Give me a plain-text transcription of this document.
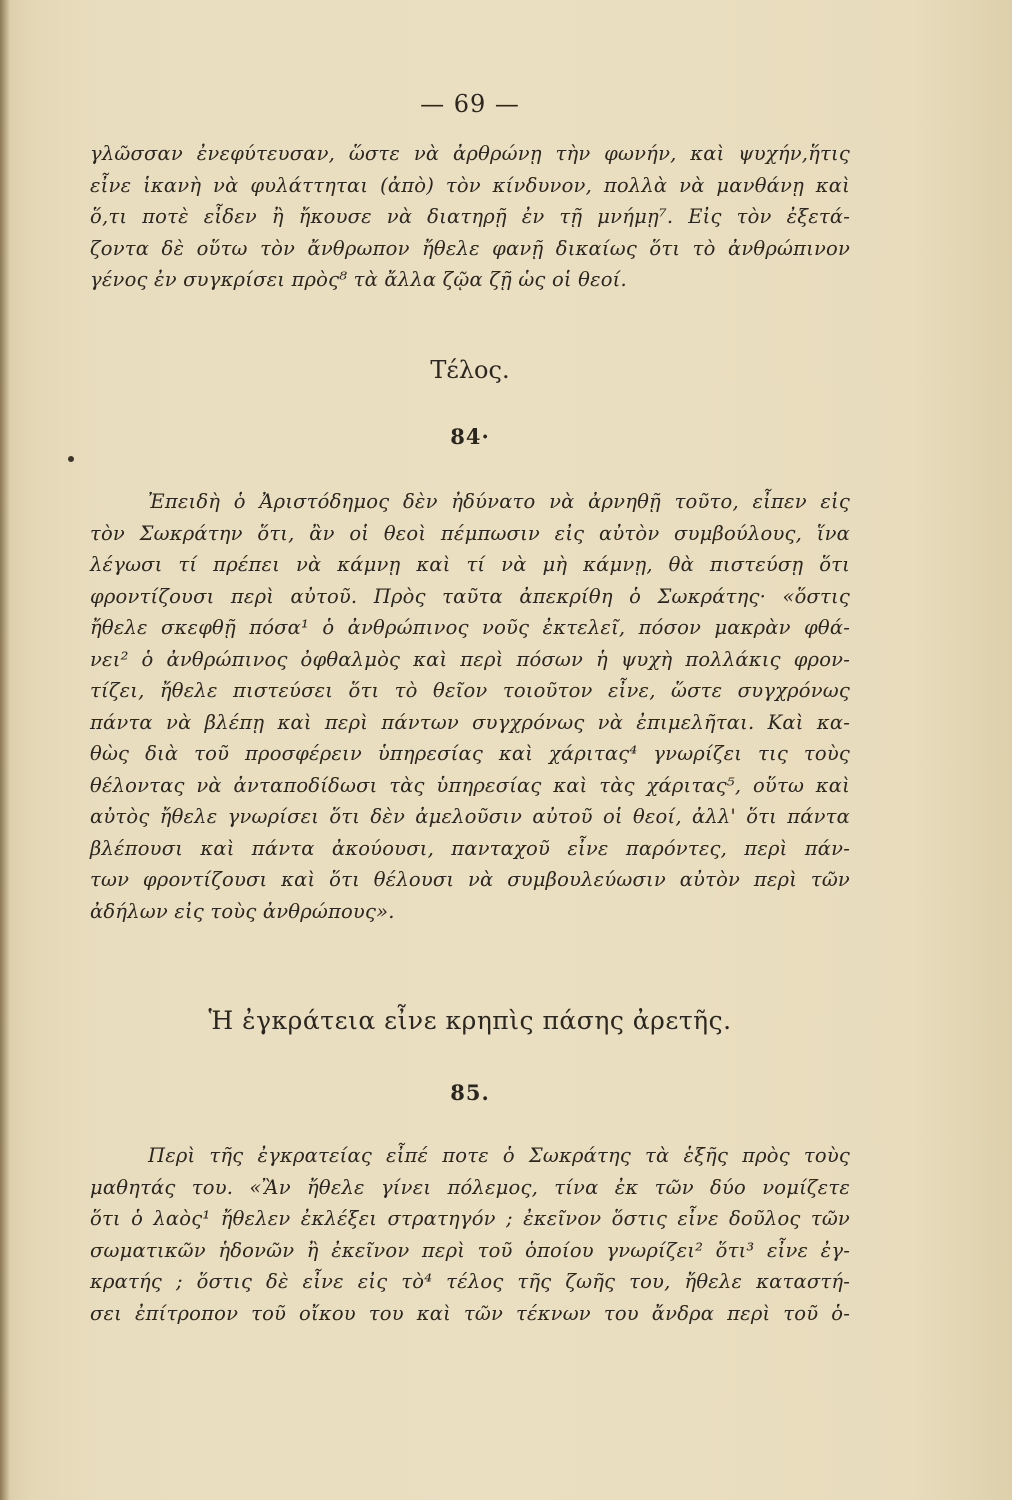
— 69 —
γλῶσσαν ἐνεφύτευσαν, ὥστε νὰ ἀρθρώνῃ τὴν φωνήν, καὶ ψυχήν,ἥτις
εἶνε ἱκανὴ νὰ φυλάττηται (ἀπὸ) τὸν κίνδυνον, πολλὰ νὰ μανθάνῃ καὶ
ὅ,τι ποτὲ εἶδεν ἢ ἤκουσε νὰ διατηρῇ ἐν τῇ μνήμῃ⁷. Εἰς τὸν ἐξετά-
ζοντα δὲ οὕτω τὸν ἄνθρωπον ἤθελε φανῇ δικαίως ὅτι τὸ ἀνθρώπινον
γένος ἐν συγκρίσει πρὸς⁸ τὰ ἄλλα ζῷα ζῇ ὡς οἱ θεοί.
Τέλος.
84·
Ἐπειδὴ ὁ Ἀριστόδημος δὲν ἠδύνατο νὰ ἀρνηθῇ τοῦτο, εἶπεν εἰς
τὸν Σωκράτην ὅτι, ἂν οἱ θεοὶ πέμπωσιν εἰς αὐτὸν συμβούλους, ἵνα
λέγωσι τί πρέπει νὰ κάμνῃ καὶ τί νὰ μὴ κάμνῃ, θὰ πιστεύσῃ ὅτι
φροντίζουσι περὶ αὐτοῦ. Πρὸς ταῦτα ἀπεκρίθη ὁ Σωκράτης· «ὅστις
ἤθελε σκεφθῇ πόσα¹ ὁ ἀνθρώπινος νοῦς ἐκτελεῖ, πόσον μακρὰν φθά-
νει² ὁ ἀνθρώπινος ὀφθαλμὸς καὶ περὶ πόσων ἡ ψυχὴ πολλάκις φρον-
τίζει, ἤθελε πιστεύσει ὅτι τὸ θεῖον τοιοῦτον εἶνε, ὥστε συγχρόνως
πάντα νὰ βλέπῃ καὶ περὶ πάντων συγχρόνως νὰ ἐπιμελῆται. Καὶ κα-
θὼς διὰ τοῦ προσφέρειν ὑπηρεσίας καὶ χάριτας⁴ γνωρίζει τις τοὺς
θέλοντας νὰ ἀνταποδίδωσι τὰς ὑπηρεσίας καὶ τὰς χάριτας⁵, οὕτω καὶ
αὐτὸς ἤθελε γνωρίσει ὅτι δὲν ἀμελοῦσιν αὐτοῦ οἱ θεοί, ἀλλ' ὅτι πάντα
βλέπουσι καὶ πάντα ἀκούουσι, πανταχοῦ εἶνε παρόντες, περὶ πάν-
των φροντίζουσι καὶ ὅτι θέλουσι νὰ συμβουλεύωσιν αὐτὸν περὶ τῶν
ἀδήλων εἰς τοὺς ἀνθρώπους».
Ἡ ἐγκράτεια εἶνε κρηπὶς πάσης ἀρετῆς.
85.
Περὶ τῆς ἐγκρατείας εἶπέ ποτε ὁ Σωκράτης τὰ ἑξῆς πρὸς τοὺς
μαθητάς του. «Ἂν ἤθελε γίνει πόλεμος, τίνα ἐκ τῶν δύο νομίζετε
ὅτι ὁ λαὸς¹ ἤθελεν ἐκλέξει στρατηγόν ; ἐκεῖνον ὅστις εἶνε δοῦλος τῶν
σωματικῶν ἡδονῶν ἢ ἐκεῖνον περὶ τοῦ ὁποίου γνωρίζει² ὅτι³ εἶνε ἐγ-
κρατής ; ὅστις δὲ εἶνε εἰς τὸ⁴ τέλος τῆς ζωῆς του, ἤθελε καταστή-
σει ἐπίτροπον τοῦ οἴκου του καὶ τῶν τέκνων του ἄνδρα περὶ τοῦ ὁ-
